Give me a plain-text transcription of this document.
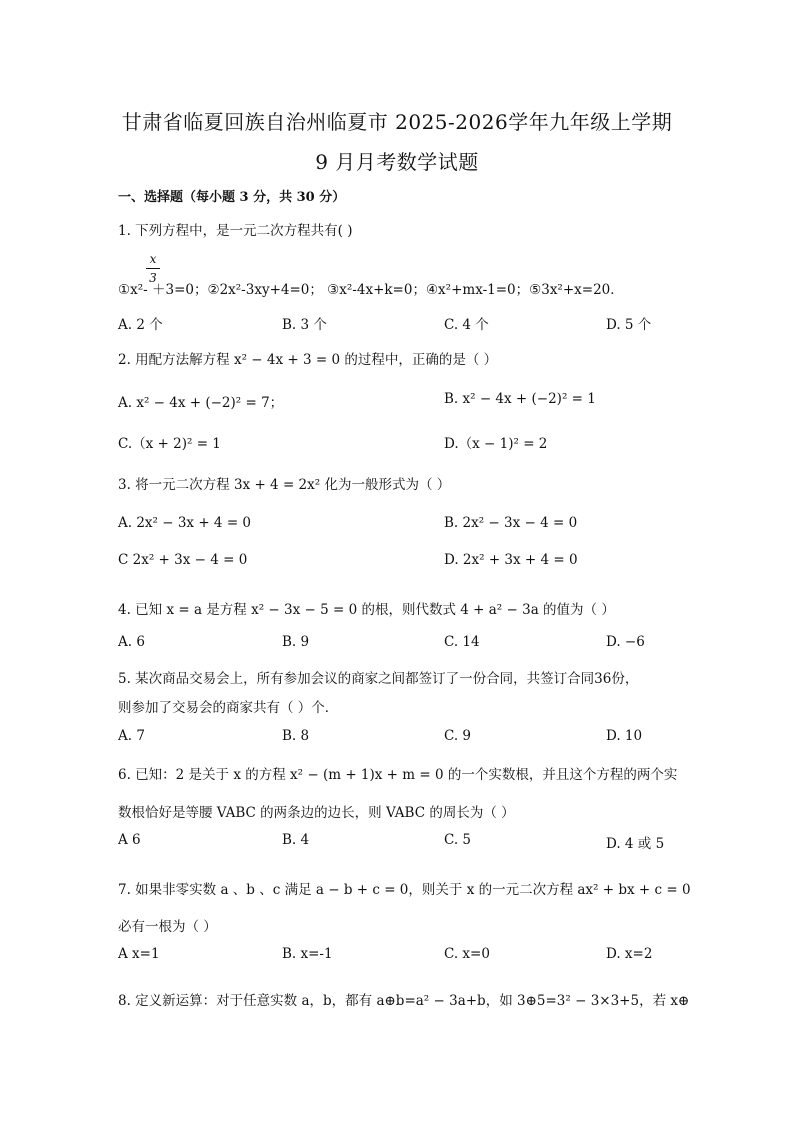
甘肃省临夏回族自治州临夏市 2025-2026学年九年级上学期
9 月月考数学试题
一、选择题（每小题 3 分，共 30 分）
1. 下列方程中，是一元二次方程共有( )
x
3
①x²- ＋3=0；②2x²-3xy+4=0； ③x²-4x+k=0；④x²+mx-1=0；⑤3x²+x=20．
A. 2 个	B. 3 个	C. 4 个	D. 5 个
2. 用配方法解方程 x² − 4x + 3 = 0 的过程中，正确的是（ ）
A. x² − 4x + (−2)² = 7；	B. x² − 4x + (−2)² = 1
C.（x + 2)² = 1	D.（x − 1)² = 2
3. 将一元二次方程 3x + 4 = 2x² 化为一般形式为（ ）
A. 2x² − 3x + 4 = 0	B. 2x² − 3x − 4 = 0
C 2x² + 3x − 4 = 0	D. 2x² + 3x + 4 = 0
4. 已知 x = a 是方程 x² − 3x − 5 = 0 的根，则代数式 4 + a² − 3a 的值为（ ）
A. 6	B. 9	C. 14	D. −6
5. 某次商品交易会上，所有参加会议的商家之间都签订了一份合同，共签订合同36份，
则参加了交易会的商家共有（ ）个．
A. 7	B. 8	C. 9	D. 10
6. 已知：2 是关于 x 的方程 x² − (m + 1)x + m = 0 的一个实数根，并且这个方程的两个实
数根恰好是等腰 VABC 的两条边的边长，则 VABC 的周长为（ ）
A 6	B. 4	C. 5	D. 4 或 5
7. 如果非零实数 a 、b 、c 满足 a − b + c = 0，则关于 x 的一元二次方程 ax² + bx + c = 0
必有一根为（ ）
A x=1	B. x=-1	C. x=0	D. x=2
8. 定义新运算：对于任意实数 a，b，都有 a⊕b=a² − 3a+b，如 3⊕5=3² − 3×3+5，若 x⊕
